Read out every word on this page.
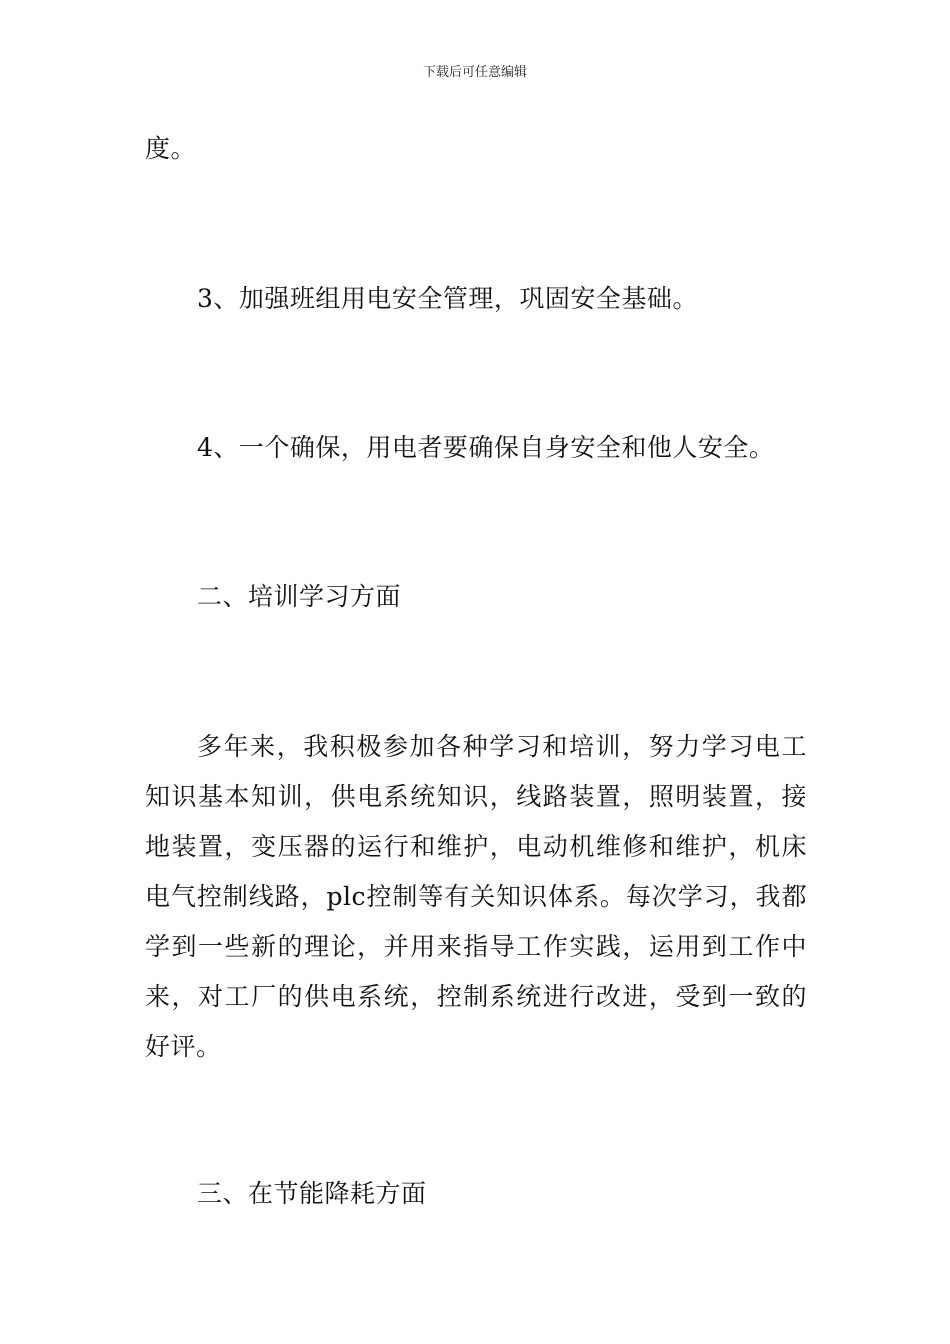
下载后可任意编辑

度。

3、加强班组用电安全管理，巩固安全基础。

4、一个确保，用电者要确保自身安全和他人安全。

二、培训学习方面

多年来，我积极参加各种学习和培训，努力学习电工知识基本知训，供电系统知识，线路装置，照明装置，接地装置，变压器的运行和维护，电动机维修和维护，机床电气控制线路，plc控制等有关知识体系。每次学习，我都学到一些新的理论，并用来指导工作实践，运用到工作中来，对工厂的供电系统，控制系统进行改进，受到一致的好评。

三、在节能降耗方面
